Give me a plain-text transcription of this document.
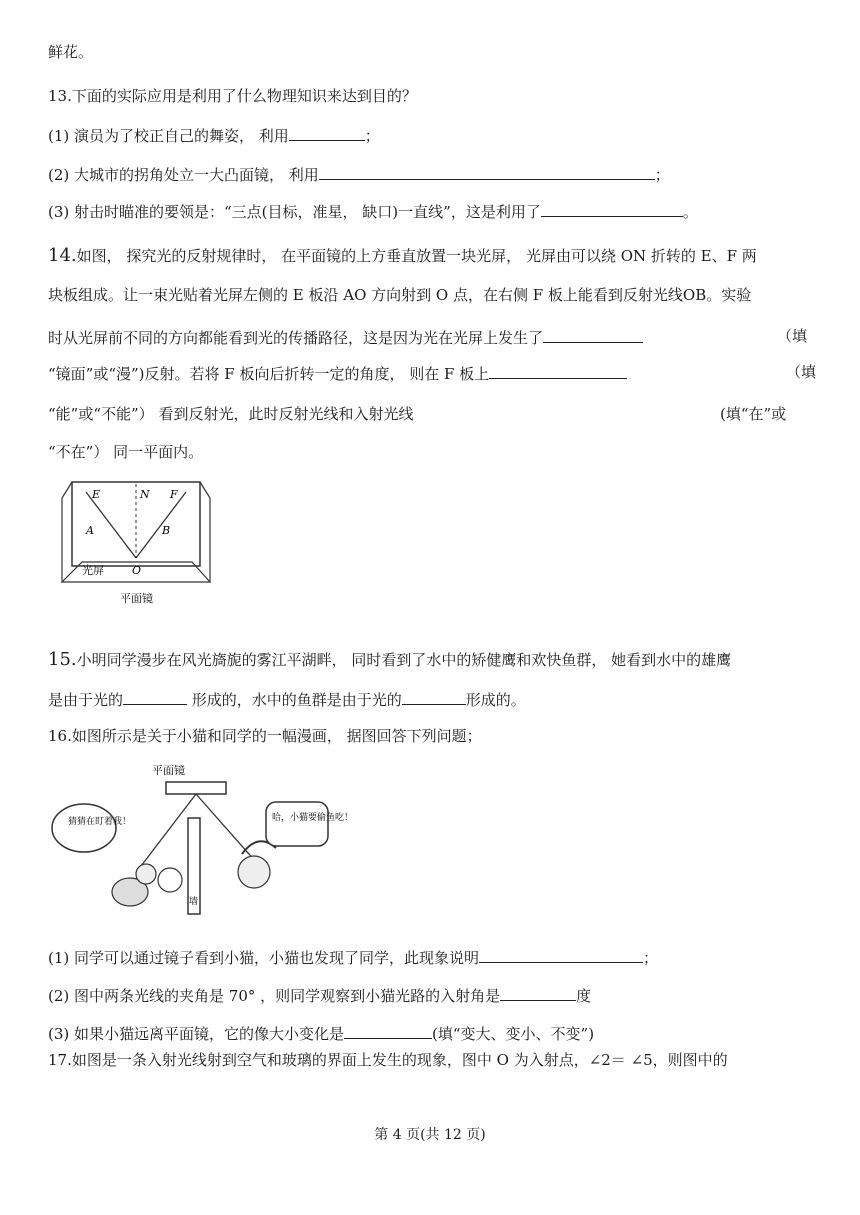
鲜花。
13.下面的实际应用是利用了什么物理知识来达到目的？
(1) 演员为了校正自己的舞姿， 利用	；
(2) 大城市的拐角处立一大凸面镜， 利用	；
(3) 射击时瞄准的要领是：“三点(目标，准星， 缺口)一直线”，这是利用了	。
14.如图， 探究光的反射规律时， 在平面镜的上方垂直放置一块光屏， 光屏由可以绕 ON 折转的 E、F 两
块板组成。让一束光贴着光屏左侧的 E 板沿 AO 方向射到 O 点，在右侧 F 板上能看到反射光线OB。实验
时从光屏前不同的方向都能看到光的传播路径，这是因为光在光屏上发生了	（填
“镜面”或“漫”)反射。若将 F 板向后折转一定的角度， 则在 F 板上	（填
“能”或“不能”） 看到反射光，此时反射光线和入射光线	(填“在”或
“不在”） 同一平面内。
E	N F
A	B
O
光屏
平面镜
15.小明同学漫步在风光旖旎的雾江平湖畔， 同时看到了水中的矫健鹰和欢快鱼群， 她看到水中的雄鹰
是由于光的	形成的，水中的鱼群是由于光的	形成的。
16.如图所示是关于小猫和同学的一幅漫画， 据图回答下列问题；
平面镜
墙
猜猜在盯着我！	哈，小猫要偷鱼吃！
(1) 同学可以通过镜子看到小猫，小猫也发现了同学，此现象说明	；
(2) 图中两条光线的夹角是 70° ，则同学观察到小猫光路的入射角是	度
(3) 如果小猫远离平面镜，它的像大小变化是	(填“变大、变小、不变”)
17.如图是一条入射光线射到空气和玻璃的界面上发生的现象，图中 O 为入射点，∠2＝ ∠5，则图中的
第 4 页(共 12 页)
